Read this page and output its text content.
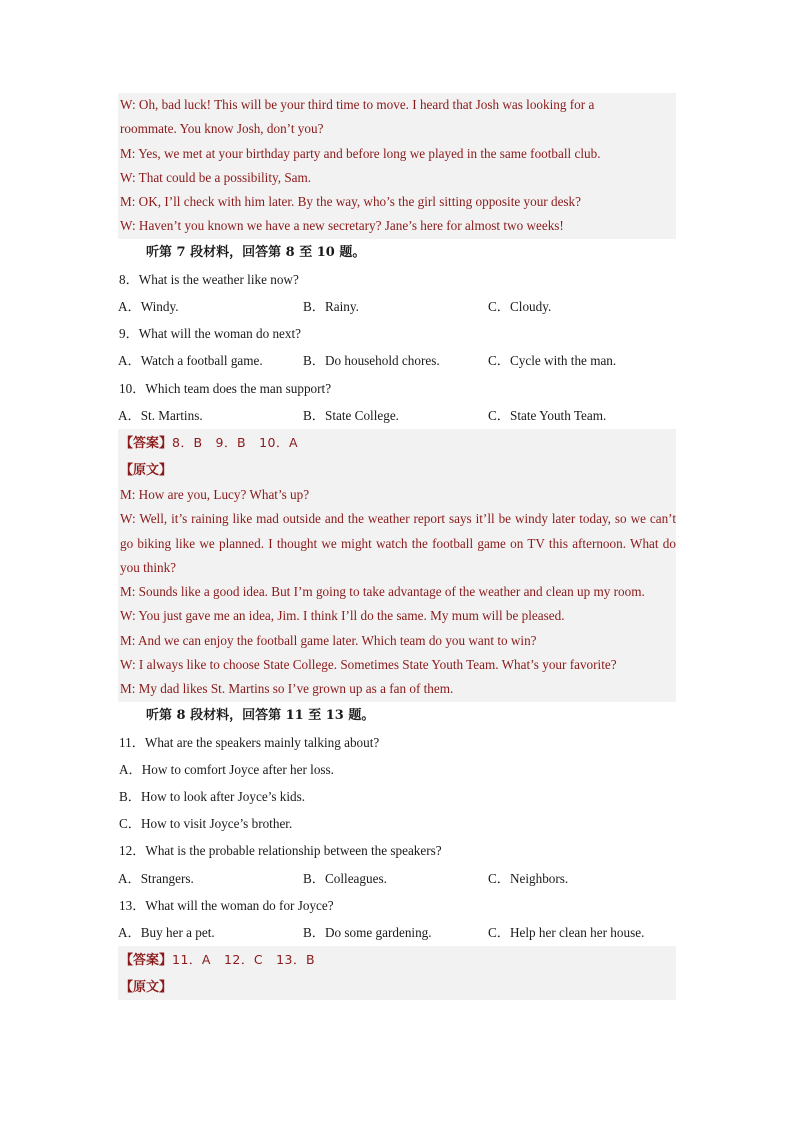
W: Oh, bad luck! This will be your third time to move. I heard that Josh was looking for a
roommate. You know Josh, don’t you?
M: Yes, we met at your birthday party and before long we played in the same football club.
W: That could be a possibility, Sam.
M: OK, I’ll check with him later. By the way, who’s the girl sitting opposite your desk?
W: Haven’t you known we have a new secretary? Jane’s here for almost two weeks!
听第 7 段材料，回答第 8 至 10 题。
8．What is the weather like now?
A．Windy.	B．Rainy.	C．Cloudy.
9．What will the woman do next?
A．Watch a football game.	B．Do household chores.	C．Cycle with the man.
10．Which team does the man support?
A．St. Martins.	B．State College.	C．State Youth Team.
【答案】8．B　9．B　10．A
【原文】
M: How are you, Lucy? What’s up?
W: Well, it’s raining like mad outside and the weather report says it’ll be windy later today, so we can’t go biking like we planned. I thought we might watch the football game on TV this afternoon. What do you think?
M: Sounds like a good idea. But I’m going to take advantage of the weather and clean up my room.
W: You just gave me an idea, Jim. I think I’ll do the same. My mum will be pleased.
M: And we can enjoy the football game later. Which team do you want to win?
W: I always like to choose State College. Sometimes State Youth Team. What’s your favorite?
M: My dad likes St. Martins so I’ve grown up as a fan of them.
听第 8 段材料，回答第 11 至 13 题。
11．What are the speakers mainly talking about?
A．How to comfort Joyce after her loss.
B．How to look after Joyce’s kids.
C．How to visit Joyce’s brother.
12．What is the probable relationship between the speakers?
A．Strangers.	B．Colleagues.	C．Neighbors.
13．What will the woman do for Joyce?
A．Buy her a pet.	B．Do some gardening.	C．Help her clean her house.
【答案】11．A　12．C　13．B
【原文】
